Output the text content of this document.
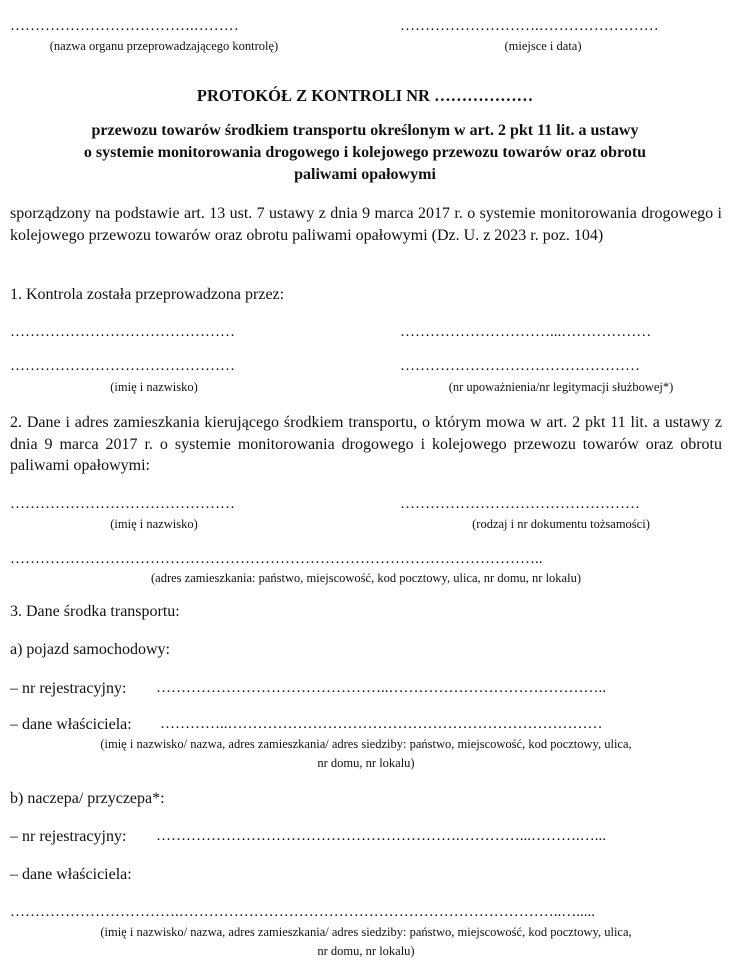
……………………………….………
(nazwa organu przeprowadzającego kontrolę)
……………………….……………………
(miejsce i data)
PROTOKÓŁ Z KONTROLI NR ………………
przewozu towarów środkiem transportu określonym w art. 2 pkt 11 lit. a ustawy
o systemie monitorowania drogowego i kolejowego przewozu towarów oraz obrotu
paliwami opałowymi
sporządzony na podstawie art. 13 ust. 7 ustawy z dnia 9 marca 2017 r. o systemie monitorowania drogowego i kolejowego przewozu towarów oraz obrotu paliwami opałowymi (Dz. U. z 2023 r. poz. 104)
1. Kontrola została przeprowadzona przez:
………………………………………	…………………………...………………
………………………………………	…………………………………………
(imię i nazwisko)	(nr upoważnienia/nr legitymacji służbowej*)
2. Dane i adres zamieszkania kierującego środkiem transportu, o którym mowa w art. 2 pkt 11 lit. a ustawy z dnia 9 marca 2017 r. o systemie monitorowania drogowego i kolejowego przewozu towarów oraz obrotu paliwami opałowymi:
………………………………………	…………………………………………
(imię i nazwisko)	(rodzaj i nr dokumentu tożsamości)
……………………………………………………………………………………………..
(adres zamieszkania: państwo, miejscowość, kod pocztowy, ulica, nr domu, nr lokalu)
3. Dane środka transportu:
a) pojazd samochodowy:
– nr rejestracyjny: ………………………………………..……………………………………..
– dane właściciela: …………..…………………………………………………………………
(imię i nazwisko/ nazwa, adres zamieszkania/ adres siedziby: państwo, miejscowość, kod pocztowy, ulica,
nr domu, nr lokalu)
b) naczepa/ przyczepa*:
– nr rejestracyjny: …………………………………………………….…………...……….…...
– dane właściciela:
…………………………….…………………………………………………………………..….....
(imię i nazwisko/ nazwa, adres zamieszkania/ adres siedziby: państwo, miejscowość, kod pocztowy, ulica,
nr domu, nr lokalu)
